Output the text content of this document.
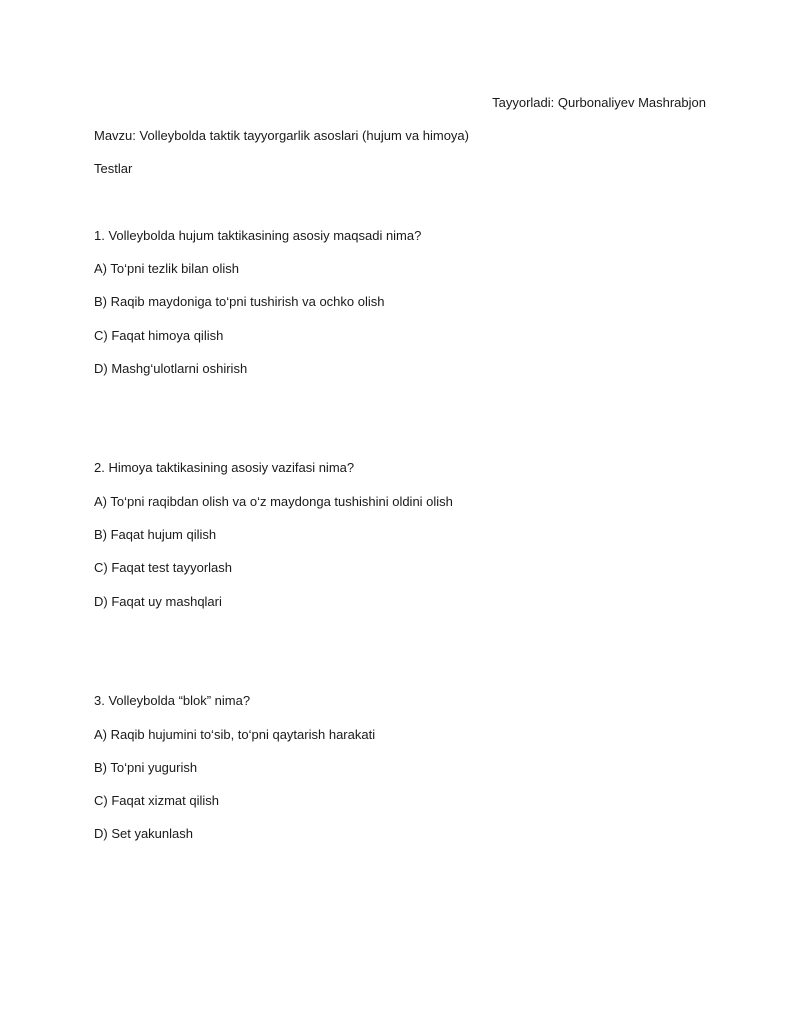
Tayyorladi: Qurbonaliyev Mashrabjon
Mavzu: Volleybolda taktik tayyorgarlik asoslari (hujum va himoya)
Testlar
1. Volleybolda hujum taktikasining asosiy maqsadi nima?
A) To‘pni tezlik bilan olish
B) Raqib maydoniga to‘pni tushirish va ochko olish
C) Faqat himoya qilish
D) Mashg‘ulotlarni oshirish
2. Himoya taktikasining asosiy vazifasi nima?
A) To‘pni raqibdan olish va o‘z maydonga tushishini oldini olish
B) Faqat hujum qilish
C) Faqat test tayyorlash
D) Faqat uy mashqlari
3. Volleybolda “blok” nima?
A) Raqib hujumini to‘sib, to‘pni qaytarish harakati
B) To‘pni yugurish
C) Faqat xizmat qilish
D) Set yakunlash
